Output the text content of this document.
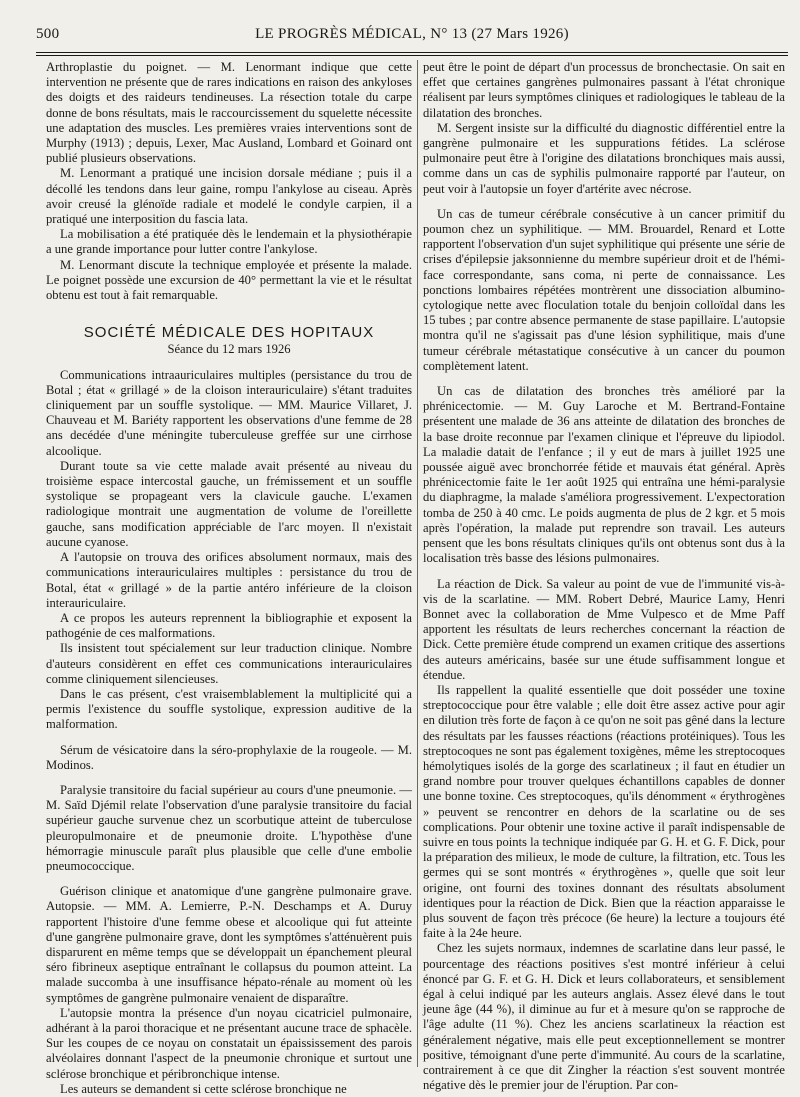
500	LE PROGRÈS MÉDICAL, N° 13 (27 Mars 1926)

Arthroplastie du poignet. — M. Lenormant indique que cette intervention ne présente que de rares indications en raison des ankyloses des doigts et des raideurs tendineuses. La résection totale du carpe donne de bons résultats, mais le raccourcissement du squelette nécessite une adaptation des muscles. Les premières vraies interventions sont de Murphy (1913) ; depuis, Lexer, Mac Ausland, Lombard et Goinard ont publié plusieurs observations.

M. Lenormant a pratiqué une incision dorsale médiane ; puis il a décollé les tendons dans leur gaine, rompu l'ankylose au ciseau. Après avoir creusé la glénoïde radiale et modelé le condyle carpien, il a pratiqué une interposition du fascia lata.

La mobilisation a été pratiquée dès le lendemain et la physiothérapie a une grande importance pour lutter contre l'ankylose.

M. Lenormant discute la technique employée et présente la malade. Le poignet possède une excursion de 40° permettant la vie et le résultat obtenu est tout à fait remarquable.

SOCIÉTÉ MÉDICALE DES HOPITAUX
Séance du 12 mars 1926

Communications intraauriculaires multiples (persistance du trou de Botal ; état « grillagé » de la cloison interauriculaire) s'étant traduites cliniquement par un souffle systolique. — MM. Maurice Villaret, J. Chauveau et M. Bariéty rapportent les observations d'une femme de 28 ans decédée d'une méningite tuberculeuse greffée sur une cirrhose alcoolique.

Durant toute sa vie cette malade avait présenté au niveau du troisième espace intercostal gauche, un frémissement et un souffle systolique se propageant vers la clavicule gauche. L'examen radiologique montrait une augmentation de volume de l'oreillette gauche, sans modification appréciable de l'arc moyen. Il n'existait aucune cyanose.

A l'autopsie on trouva des orifices absolument normaux, mais des communications interauriculaires multiples : persistance du trou de Botal, état « grillagé » de la partie antéro inférieure de la cloison interauriculaire.

A ce propos les auteurs reprennent la bibliographie et exposent la pathogénie de ces malformations.

Ils insistent tout spécialement sur leur traduction clinique. Nombre d'auteurs considèrent en effet ces communications interauriculaires comme cliniquement silencieuses.

Dans le cas présent, c'est vraisemblablement la multiplicité qui a permis l'existence du souffle systolique, expression auditive de la malformation.

Sérum de vésicatoire dans la séro-prophylaxie de la rougeole. — M. Modinos.

Paralysie transitoire du facial supérieur au cours d'une pneumonie. — M. Saïd Djémil relate l'observation d'une paralysie transitoire du facial supérieur gauche survenue chez un scorbutique atteint de tuberculose pleuropulmonaire et de pneumonie droite. L'hypothèse d'une hémorragie minuscule paraît plus plausible que celle d'une embolie pneumococcique.

Guérison clinique et anatomique d'une gangrène pulmonaire grave. Autopsie. — MM. A. Lemierre, P.-N. Deschamps et A. Duruy rapportent l'histoire d'une femme obese et alcoolique qui fut atteinte d'une gangrène pulmonaire grave, dont les symptômes s'atténuèrent puis disparurent en même temps que se développait un épanchement pleural séro fibrineux aseptique entraînant le collapsus du poumon atteint. La malade succomba à une insuffisance hépato-rénale au moment où les symptômes de gangrène pulmonaire venaient de disparaître.

L'autopsie montra la présence d'un noyau cicatriciel pulmonaire, adhérant à la paroi thoracique et ne présentant aucune trace de sphacèle. Sur les coupes de ce noyau on constatait un épaississement des parois alvéolaires donnant l'aspect de la pneumonie chronique et surtout une sclérose bronchique et péribronchique intense.

Les auteurs se demandent si cette sclérose bronchique ne

peut être le point de départ d'un processus de bronchectasie. On sait en effet que certaines gangrènes pulmonaires passant à l'état chronique réalisent par leurs symptômes cliniques et radiologiques le tableau de la dilatation des bronches.

M. Sergent insiste sur la difficulté du diagnostic différentiel entre la gangrène pulmonaire et les suppurations fétides. La sclérose pulmonaire peut être à l'origine des dilatations bronchiques mais aussi, comme dans un cas de syphilis pulmonaire rapporté par l'auteur, on peut voir à l'autopsie un foyer d'artérite avec nécrose.

Un cas de tumeur cérébrale consécutive à un cancer primitif du poumon chez un syphilitique. — MM. Brouardel, Renard et Lotte rapportent l'observation d'un sujet syphilitique qui présente une série de crises d'épilepsie jaksonnienne du membre supérieur droit et de l'hémi-face correspondante, sans coma, ni perte de connaissance. Les ponctions lombaires répétées montrèrent une dissociation albumino-cytologique nette avec floculation totale du benjoin colloïdal dans les 15 tubes ; par contre absence permanente de stase papillaire. L'autopsie montra qu'il ne s'agissait pas d'une lésion syphilitique, mais d'une tumeur cérébrale métastatique consécutive à un cancer du poumon complètement latent.

Un cas de dilatation des bronches très amélioré par la phrénicectomie. — M. Guy Laroche et M. Bertrand-Fontaine présentent une malade de 36 ans atteinte de dilatation des bronches de la base droite reconnue par l'examen clinique et l'épreuve du lipiodol. La maladie datait de l'enfance ; il y eut de mars à juillet 1925 une poussée aiguë avec bronchorrée fétide et mauvais état général. Après phrénicectomie faite le 1er août 1925 qui entraîna une hémi-paralysie du diaphragme, la malade s'améliora progressivement. L'expectoration tomba de 250 à 40 cmc. Le poids augmenta de plus de 2 kgr. et 5 mois après l'opération, la malade put reprendre son travail. Les auteurs pensent que les bons résultats cliniques qu'ils ont obtenus sont dus à la localisation très basse des lésions pulmonaires.

La réaction de Dick. Sa valeur au point de vue de l'immunité vis-à-vis de la scarlatine. — MM. Robert Debré, Maurice Lamy, Henri Bonnet avec la collaboration de Mme Vulpesco et de Mme Paff apportent les résultats de leurs recherches concernant la réaction de Dick. Cette première étude comprend un examen critique des assertions des auteurs américains, basée sur une étude suffisamment longue et étendue.

Ils rappellent la qualité essentielle que doit posséder une toxine streptococcique pour être valable ; elle doit être assez active pour agir en dilution très forte de façon à ce qu'on ne soit pas gêné dans la lecture des résultats par les fausses réactions (réactions protéiniques). Tous les streptocoques ne sont pas également toxigènes, même les streptocoques hémolytiques isolés de la gorge des scarlatineux ; il faut en étudier un grand nombre pour trouver quelques échantillons capables de donner une bonne toxine. Ces streptocoques, qu'ils dénomment « érythrogènes » peuvent se rencontrer en dehors de la scarlatine ou de ses complications. Pour obtenir une toxine active il paraît indispensable de suivre en tous points la technique indiquée par G. H. et G. F. Dick, pour la préparation des milieux, le mode de culture, la filtration, etc. Tous les germes qui se sont montrés « érythrogènes », quelle que soit leur origine, ont fourni des toxines donnant des résultats absolument identiques pour la réaction de Dick. Bien que la réaction apparaisse le plus souvent de façon très précoce (6e heure) la lecture a toujours été faite à la 24e heure.

Chez les sujets normaux, indemnes de scarlatine dans leur passé, le pourcentage des réactions positives s'est montré inférieur à celui énoncé par G. F. et G. H. Dick et leurs collaborateurs, et sensiblement égal à celui indiqué par les auteurs anglais. Assez élevé dans le tout jeune âge (44 %), il diminue au fur et à mesure qu'on se rapproche de l'âge adulte (11 %). Chez les anciens scarlatineux la réaction est généralement négative, mais elle peut exceptionnellement se montrer positive, témoignant d'une perte d'immunité. Au cours de la scarlatine, contrairement à ce que dit Zingher la réaction s'est souvent montrée négative dès le premier jour de l'éruption. Par con-
